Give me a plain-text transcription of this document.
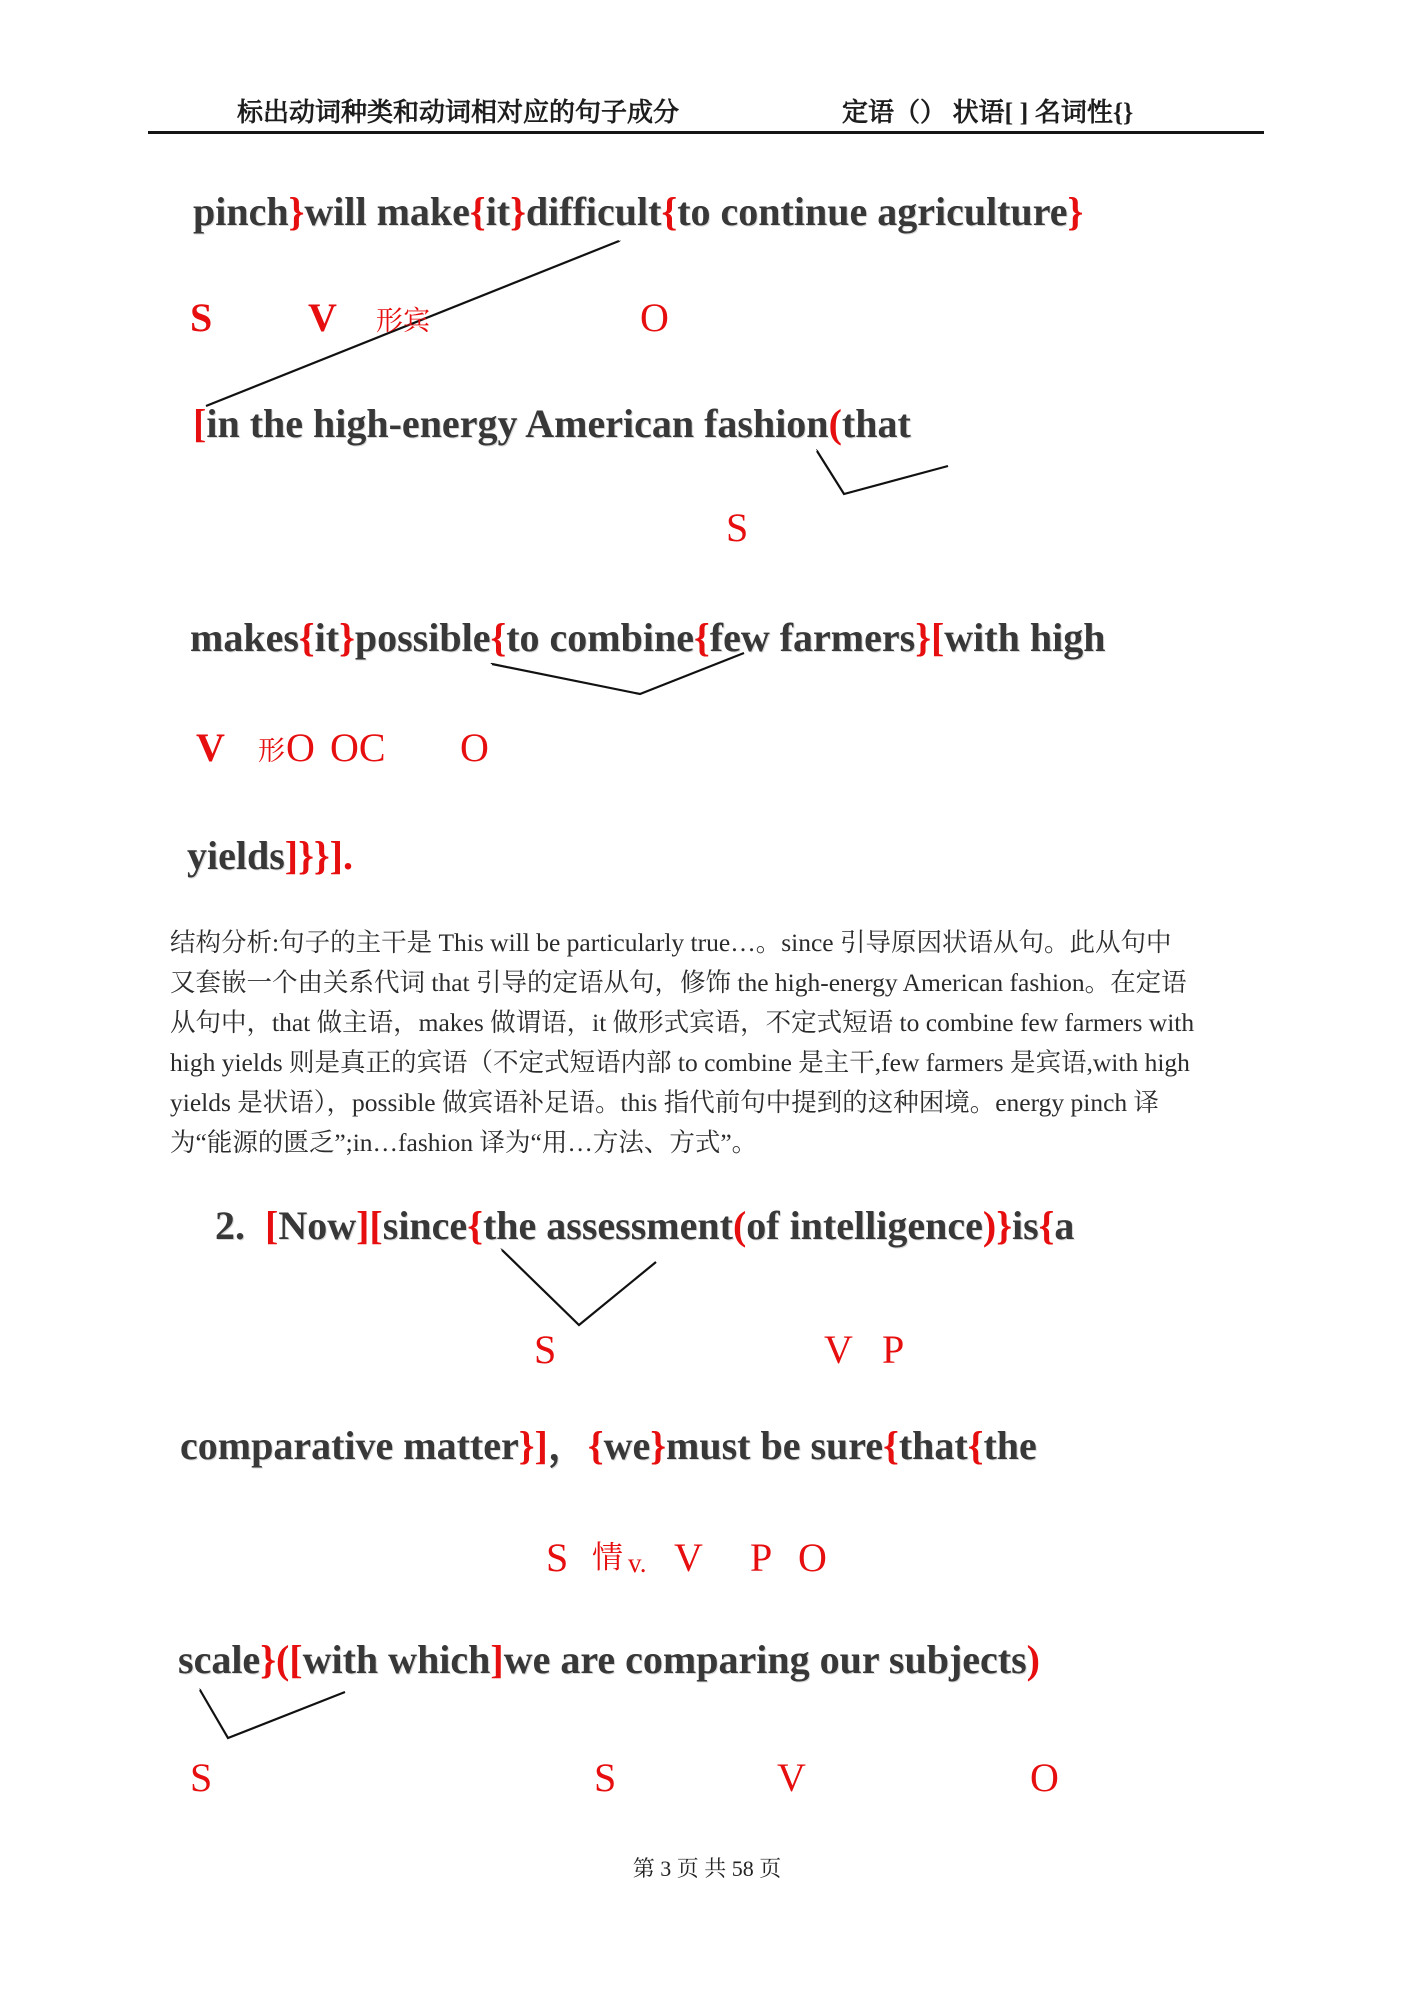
标出动词种类和动词相对应的句子成分	定语（） 状语[ ] 名词性{}
pinch}will make{it}difficult{to continue agriculture}
[in the high-energy American fashion(that
makes{it}possible{to combine{few farmers}[with high
yields]}}].
2.  [Now][since{the assessment(of intelligence)}is{a
comparative matter}]，{we}must be sure{that{the
scale}([with which]we are comparing our subjects)
S V 形宾	O
S
V 形 O OC O
S	V P
S 情 v. V P O
S	S	V	O
结构分析:句子的主干是 This will be particularly true…。since 引导原因状语从句。此从句中
又套嵌一个由关系代词 that 引导的定语从句，修饰 the high-energy American fashion。在定语
从句中，that 做主语，makes 做谓语，it 做形式宾语，不定式短语 to combine few farmers with
high yields 则是真正的宾语（不定式短语内部 to combine 是主干,few farmers 是宾语,with high
yields 是状语），possible 做宾语补足语。this 指代前句中提到的这种困境。energy pinch 译
为“能源的匮乏”;in…fashion 译为“用…方法、方式”。
第 3 页 共 58 页
